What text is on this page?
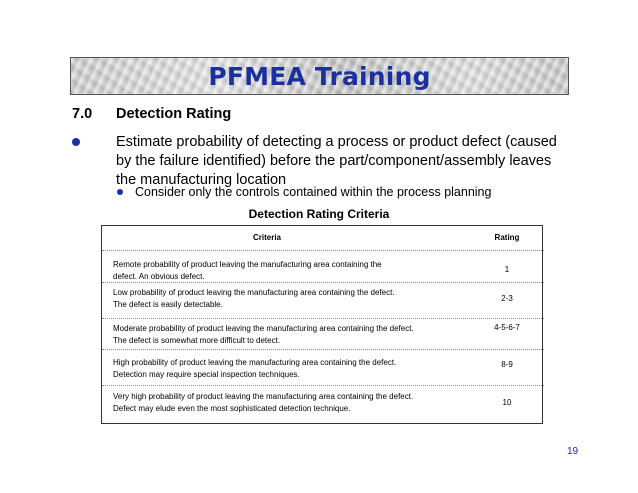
PFMEA Training
7.0 Detection Rating
Estimate probability of detecting a process or product defect (caused by the failure identified) before the part/component/assembly leaves the manufacturing location
Consider only the controls contained within the process planning
Detection Rating Criteria
Criteria	Rating
Remote probability of product leaving the manufacturing area containing the
defect. An obvious defect.
1
Low probability of product leaving the manufacturing area containing the defect.
The defect is easily detectable.
2-3
Moderate probability of product leaving the manufacturing area containing the defect.
The defect is somewhat more difficult to detect.
4-5-6-7
High probability of product leaving the manufacturing area containing the defect.
Detection may require special inspection techniques.
8-9
Very high probability of product leaving the manufacturing area containing the defect.
Defect may elude even the most sophisticated detection technique.
10
19
